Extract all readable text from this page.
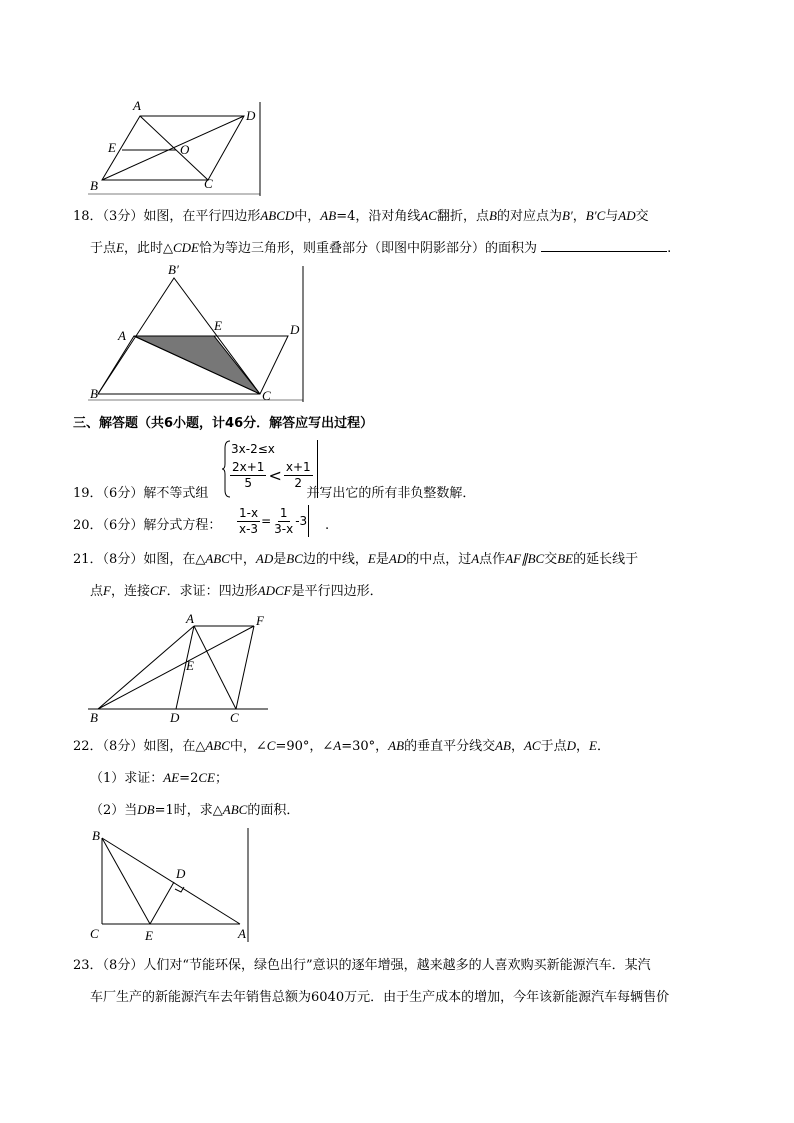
A
D
E	O
B	C
18．（3分）如图，在平行四边形ABCD中，AB=4，沿对角线AC翻折，点B的对应点为B′，B′C与AD交
于点E，此时△CDE恰为等边三角形，则重叠部分（即图中阴影部分）的面积为	.
B′
A
E	D
B	C
三、解答题（共6小题，计46分．解答应写出过程）
3x-2≤x
$\frac{2x+1}{5} < \frac{x+1}{2}$
19．（6分）解不等式组	并写出它的所有非负整数解．
20．（6分）解分式方程： $\frac{1-x}{x-3} = \frac{1}{3-x} -3$ .
21．（8分）如图，在△ABC中，AD是BC边的中线，E是AD的中点，过A点作AF∥BC交BE的延长线于
点F，连接CF．求证：四边形ADCF是平行四边形．
A	F
E
B	D	C
22．（8分）如图，在△ABC中，∠C=90°，∠A=30°，AB的垂直平分线交AB，AC于点D，E．
（1）求证：AE=2CE；
（2）当DB=1时，求△ABC的面积．
B
D
C	E	A
23．（8分）人们对“节能环保，绿色出行”意识的逐年增强，越来越多的人喜欢购买新能源汽车．某汽
车厂生产的新能源汽车去年销售总额为6040万元．由于生产成本的增加，今年该新能源汽车每辆售价
